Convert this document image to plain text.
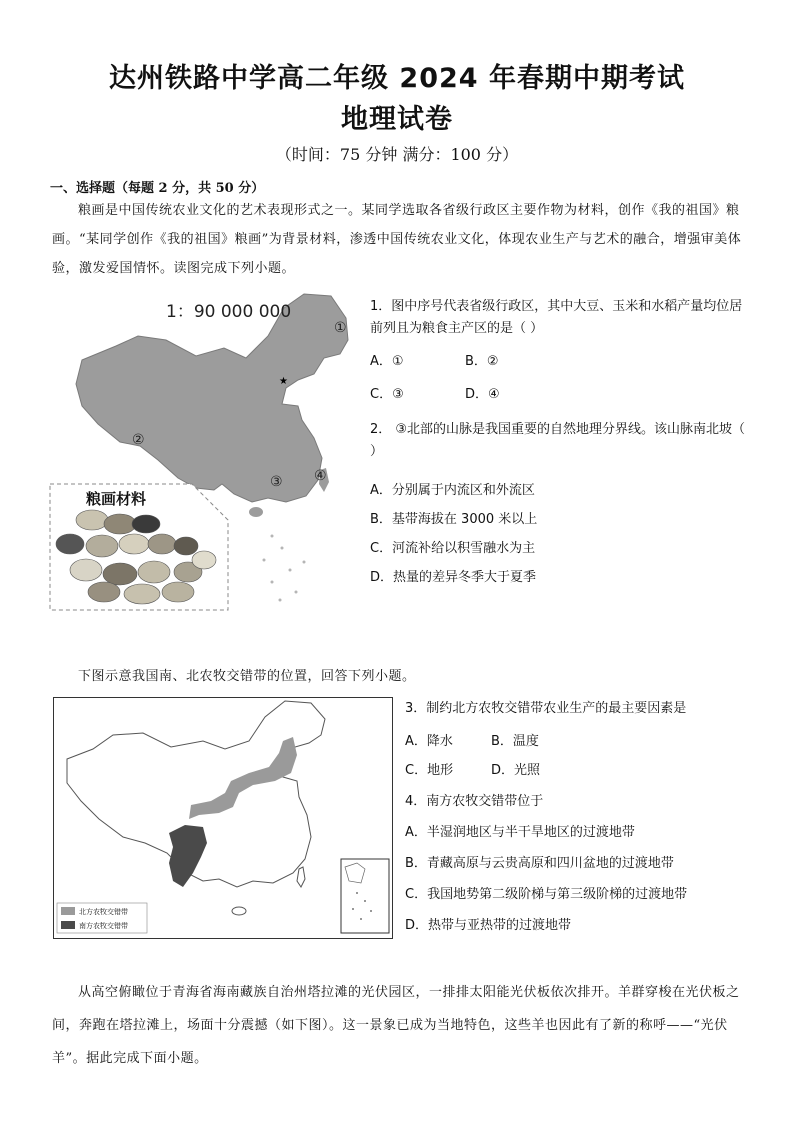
达州铁路中学高二年级 2024 年春期中期考试
地理试卷
（时间：75 分钟 满分：100 分）
一、选择题（每题 2 分，共 50 分）
粮画是中国传统农业文化的艺术表现形式之一。某同学选取各省级行政区主要作物为材料，创作《我的祖国》粮画。“某同学创作《我的祖国》粮画”为背景材料，渗透中国传统农业文化，体现农业生产与艺术的融合，增强审美体验，激发爱国情怀。读图完成下列小题。
★
1：90 000 000
①
②
③ ④
粮画材料
1．图中序号代表省级行政区，其中大豆、玉米和水稻产量均位居前列且为粮食主产区的是（ ）
A．①	B．②
C．③	D．④
2． ③北部的山脉是我国重要的自然地理分界线。该山脉南北坡（ ）
A．分别属于内流区和外流区
B．基带海拔在 3000 米以上
C．河流补给以积雪融水为主
D．热量的差异冬季大于夏季
下图示意我国南、北农牧交错带的位置，回答下列小题。
北方农牧交错带
南方农牧交错带
3．制约北方农牧交错带农业生产的最主要因素是
A．降水	B．温度
C．地形	D．光照
4．南方农牧交错带位于
A．半湿润地区与半干旱地区的过渡地带
B．青藏高原与云贵高原和四川盆地的过渡地带
C．我国地势第二级阶梯与第三级阶梯的过渡地带
D．热带与亚热带的过渡地带
从高空俯瞰位于青海省海南藏族自治州塔拉滩的光伏园区，一排排太阳能光伏板依次排开。羊群穿梭在光伏板之间，奔跑在塔拉滩上，场面十分震撼（如下图）。这一景象已成为当地特色，这些羊也因此有了新的称呼——“光伏羊”。据此完成下面小题。
